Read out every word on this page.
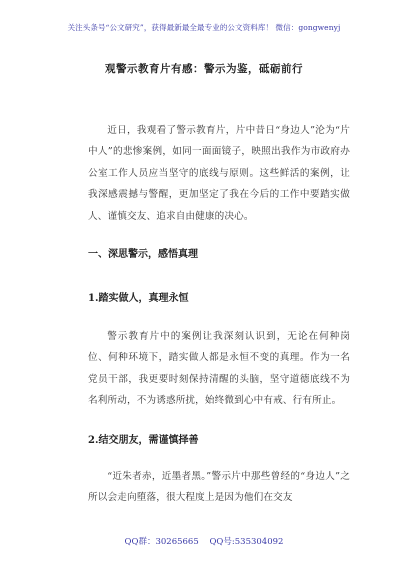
关注头条号“公文研究”，获得最新最全最专业的公文资料库！ 微信：gongwenyj
观警示教育片有感：警示为鉴，砥砺前行

近日，我观看了警示教育片，片中昔日“身边人”沦为“片中人”的悲惨案例，如同一面面镜子，映照出我作为市政府办公室工作人员应当坚守的底线与原则。这些鲜活的案例，让我深感震撼与警醒，更加坚定了我在今后的工作中要踏实做人、谨慎交友、追求自由健康的决心。

一、深思警示，感悟真理

1.踏实做人，真理永恒

警示教育片中的案例让我深刻认识到，无论在何种岗位、何种环境下，踏实做人都是永恒不变的真理。作为一名党员干部，我更要时刻保持清醒的头脑，坚守道德底线不为名利所动，不为诱惑所扰，始终微到心中有戒、行有所止。

2.结交朋友，需谨慎择善

“近朱者赤，近墨者黑。”警示片中那些曾经的“身边人”之所以会走向堕落，很大程度上是因为他们在交友

QQ群：30265665 QQ号:535304092
